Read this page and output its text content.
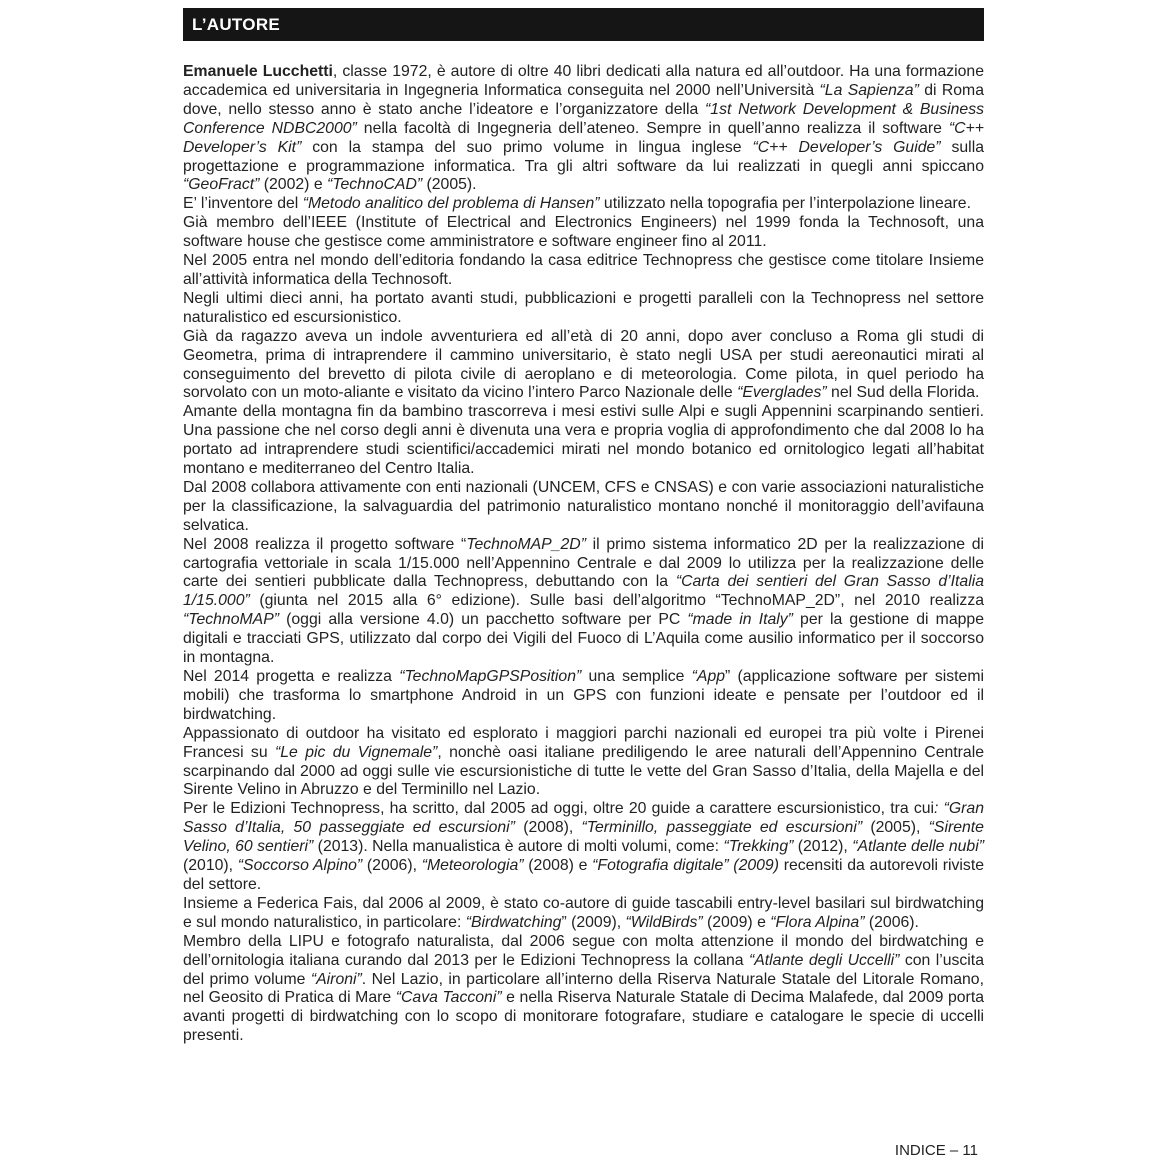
L’AUTORE

Emanuele Lucchetti, classe 1972, è autore di oltre 40 libri dedicati alla natura ed all’outdoor. Ha una formazione accademica ed universitaria in Ingegneria Informatica conseguita nel 2000 nell’Università “La Sapienza” di Roma dove, nello stesso anno è stato anche l’ideatore e l’organizzatore della “1st Network Development & Business Conference NDBC2000” nella facoltà di Ingegneria dell’ateneo. Sempre in quell’anno realizza il software “C++ Developer’s Kit” con la stampa del suo primo volume in lingua inglese “C++ Developer’s Guide” sulla progettazione e programmazione informatica. Tra gli altri software da lui realizzati in quegli anni spiccano “GeoFract” (2002) e “TechnoCAD” (2005).

E’ l’inventore del “Metodo analitico del problema di Hansen” utilizzato nella topografia per l’interpolazione lineare.

Già membro dell’IEEE (Institute of Electrical and Electronics Engineers) nel 1999 fonda la Technosoft, una software house che gestisce come amministratore e software engineer fino al 2011.

Nel 2005 entra nel mondo dell’editoria fondando la casa editrice Technopress che gestisce come titolare Insieme all’attività informatica della Technosoft.

Negli ultimi dieci anni, ha portato avanti studi, pubblicazioni e progetti paralleli con la Technopress nel settore naturalistico ed escursionistico.

Già da ragazzo aveva un indole avventuriera ed all’età di 20 anni, dopo aver concluso a Roma gli studi di Geometra, prima di intraprendere il cammino universitario, è stato negli USA per studi aereonautici mirati al conseguimento del brevetto di pilota civile di aeroplano e di meteorologia. Come pilota, in quel periodo ha sorvolato con un moto-aliante e visitato da vicino l’intero Parco Nazionale delle “Everglades” nel Sud della Florida.

Amante della montagna fin da bambino trascorreva i mesi estivi sulle Alpi e sugli Appennini scarpinando sentieri. Una passione che nel corso degli anni è divenuta una vera e propria voglia di approfondimento che dal 2008 lo ha portato ad intraprendere studi scientifici/accademici mirati nel mondo botanico ed ornitologico legati all’habitat montano e mediterraneo del Centro Italia.

Dal 2008 collabora attivamente con enti nazionali (UNCEM, CFS e CNSAS) e con varie associazioni naturalistiche per la classificazione, la salvaguardia del patrimonio naturalistico montano nonché il monitoraggio dell’avifauna selvatica.

Nel 2008 realizza il progetto software “TechnoMAP_2D” il primo sistema informatico 2D per la realizzazione di cartografia vettoriale in scala 1/15.000 nell’Appennino Centrale e dal 2009 lo utilizza per la realizzazione delle carte dei sentieri pubblicate dalla Technopress, debuttando con la “Carta dei sentieri del Gran Sasso d’Italia 1/15.000” (giunta nel 2015 alla 6° edizione). Sulle basi dell’algoritmo “TechnoMAP_2D”, nel 2010 realizza “TechnoMAP” (oggi alla versione 4.0) un pacchetto software per PC “made in Italy” per la gestione di mappe digitali e tracciati GPS, utilizzato dal corpo dei Vigili del Fuoco di L’Aquila come ausilio informatico per il soccorso in montagna.

Nel 2014 progetta e realizza “TechnoMapGPSPosition” una semplice “App” (applicazione software per sistemi mobili) che trasforma lo smartphone Android in un GPS con funzioni ideate e pensate per l’outdoor ed il birdwatching.

Appassionato di outdoor ha visitato ed esplorato i maggiori parchi nazionali ed europei tra più volte i Pirenei Francesi su “Le pic du Vignemale”, nonchè oasi italiane prediligendo le aree naturali dell’Appennino Centrale scarpinando dal 2000 ad oggi sulle vie escursionistiche di tutte le vette del Gran Sasso d’Italia, della Majella e del Sirente Velino in Abruzzo e del Terminillo nel Lazio.

Per le Edizioni Technopress, ha scritto, dal 2005 ad oggi, oltre 20 guide a carattere escursionistico, tra cui: “Gran Sasso d’Italia, 50 passeggiate ed escursioni” (2008), “Terminillo, passeggiate ed escursioni” (2005), “Sirente Velino, 60 sentieri” (2013). Nella manualistica è autore di molti volumi, come: “Trekking” (2012), “Atlante delle nubi” (2010), “Soccorso Alpino” (2006), “Meteorologia” (2008) e “Fotografia digitale” (2009) recensiti da autorevoli riviste del settore.

Insieme a Federica Fais, dal 2006 al 2009, è stato co-autore di guide tascabili entry-level basilari sul birdwatching e sul mondo naturalistico, in particolare: “Birdwatching” (2009), “WildBirds” (2009) e “Flora Alpina” (2006).

Membro della LIPU e fotografo naturalista, dal 2006 segue con molta attenzione il mondo del birdwatching e dell’ornitologia italiana curando dal 2013 per le Edizioni Technopress la collana “Atlante degli Uccelli” con l’uscita del primo volume “Aironi”. Nel Lazio, in particolare all’interno della Riserva Naturale Statale del Litorale Romano, nel Geosito di Pratica di Mare “Cava Tacconi” e nella Riserva Naturale Statale di Decima Malafede, dal 2009 porta avanti progetti di birdwatching con lo scopo di monitorare fotografare, studiare e catalogare le specie di uccelli presenti.

INDICE – 11
